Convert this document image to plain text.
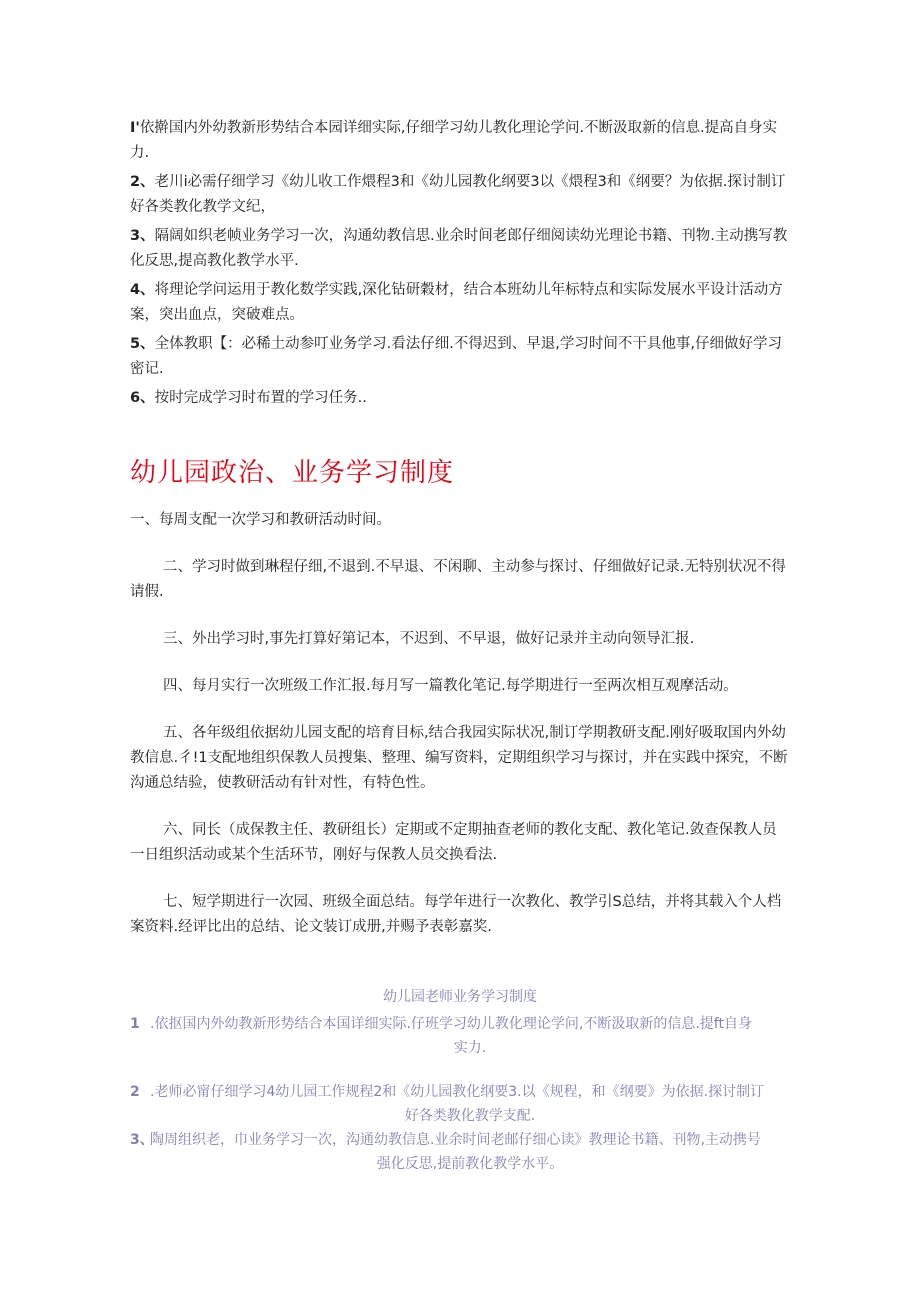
I'依擀国内外幼教新形势结合本园详细实际,仔细学习幼儿教化理论学问.不断汲取新的信息.提高自身实力.

2、老川i必需仔细学习《幼儿收工作煨程3和《幼儿园教化纲要3以《煨程3和《纲要？为依据.探讨制订好各类教化教学文纪，

3、隔阔如织老帧业务学习一次，沟通幼教信思.业余时间老郎仔细阅读幼光理论书籍、刊物.主动携写教化反思,提高教化教学水平.

4、将理论学问运用于教化数学实践,深化钻研穀材，结合本班幼儿年标特点和实际发展水平设计活动方案，突出血点，突破难点。

5、全体教职【：必稀土动参叮业务学习.看法仔细.不得迟到、早退,学习时间不干具他事,仔细做好学习密记.

6、按时完成学习时布置的学习任务..

幼儿园政治、业务学习制度

一、每周支配一次学习和教研活动时间。

二、学习时做到琳程仔细,不退到.不早退、不闲聊、主动参与探讨、仔细做好记录.无特别状况不得请假.

三、外出学习时,事先打算好第记本，不迟到、不早退，做好记录并主动向领导汇报.

四、每月实行一次班级工作汇报.每月写一篇教化笔记.每学期进行一至两次相互观摩活动。

五、各年级组依据幼儿园支配的培育目标,结合我园实际状况,制订学期教研支配.刚好吸取国内外幼教信息.彳!1支配地组织保教人员搜集、整理、编写资料，定期组织学习与探讨，并在实践中探究，不断沟通总结验，使教研活动有针对性，有特色性。

六、同长（成保教主任、教研组长）定期或不定期抽查老师的教化支配、教化笔记.敛查保教人员一日组织活动或某个生活环节，刚好与保教人员交换看法.

七、短学期进行一次园、班级全面总结。每学年进行一次教化、教学引S总结，并将其载入个人档案资料.经评比出的总结、论文装订成册,并赐予表彰嘉奖.

幼儿园老师业务学习制度

1 .依抠国内外幼教新形势结合本国详细实际.仔班学习幼儿教化理论学问,不断汲取新的信息.提ft自身
实力.
2 .老师必甯仔细学习4幼儿园工作规程2和《幼儿园教化纲要3.以《规程，和《纲要》为依据.探讨制订
好各类教化教学支配.
3、
陶周组织老，巾业务学习一次，沟通幼教信息.业余时间老邮仔细心读》教理论书籍、刊物,主动携号
强化反思,提前教化教学水平。
